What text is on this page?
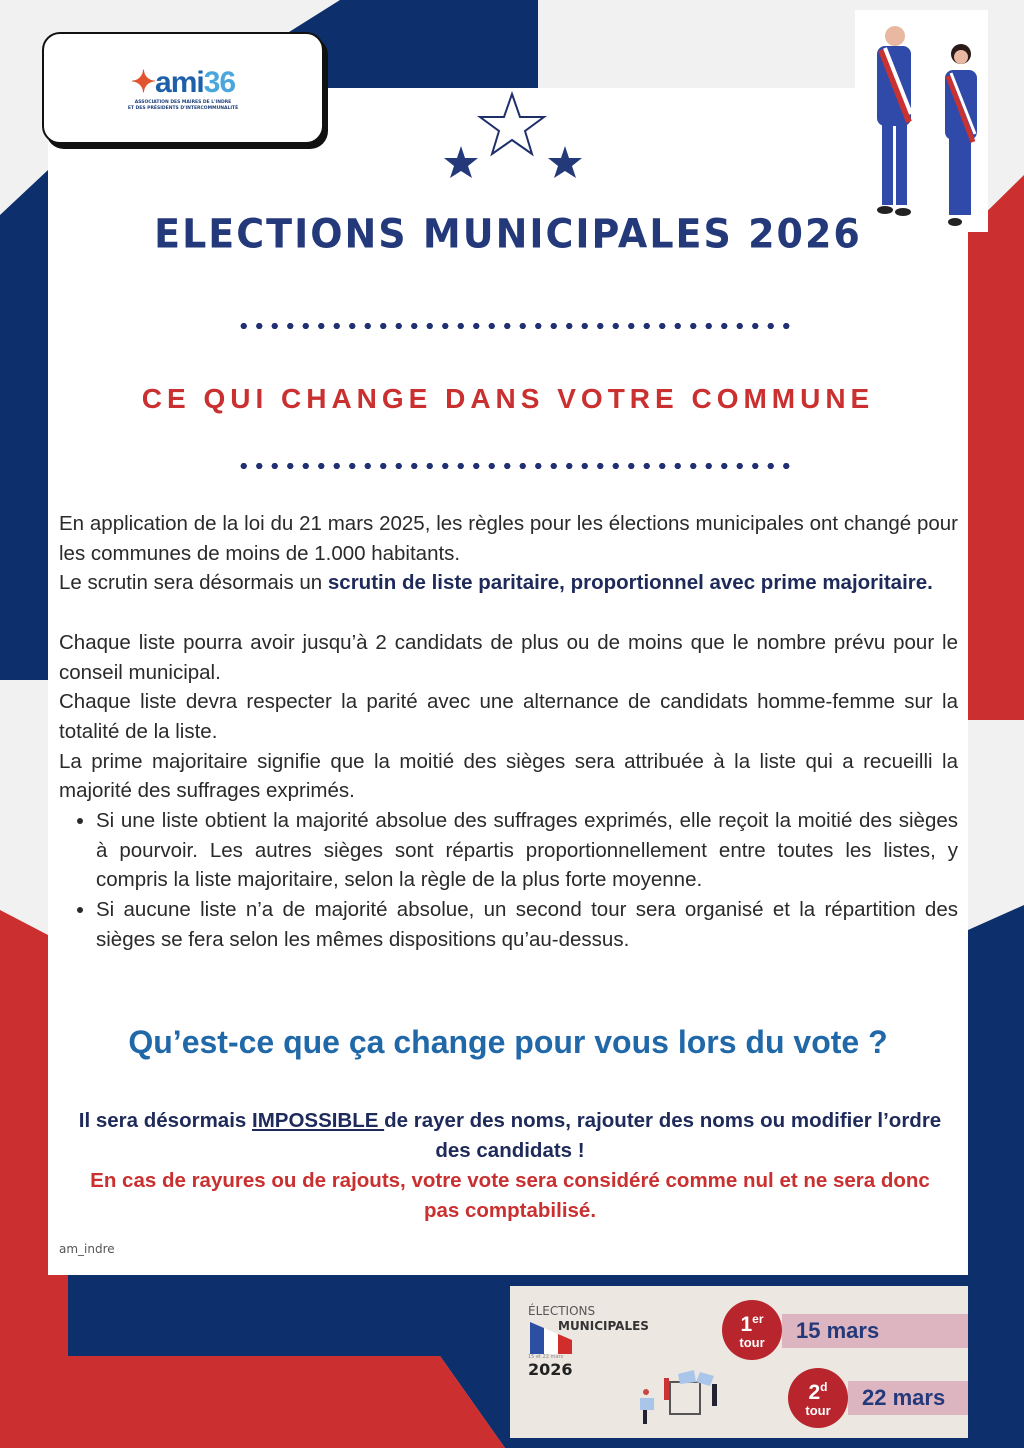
✦ami36
ASSOCIATION DES MAIRES DE L'INDRE
ET DES PRÉSIDENTS D'INTERCOMMUNALITÉ
ELECTIONS MUNICIPALES 2026
CE QUI CHANGE DANS VOTRE COMMUNE

En application de la loi du 21 mars 2025, les règles pour les élections municipales ont changé pour les communes de moins de 1.000 habitants.

Le scrutin sera désormais un scrutin de liste paritaire, proportionnel avec prime majoritaire.

Chaque liste pourra avoir jusqu’à 2 candidats de plus ou de moins que le nombre prévu pour le conseil municipal.

Chaque liste devra respecter la parité avec une alternance de candidats homme-femme sur la totalité de la liste.

La prime majoritaire signifie que la moitié des sièges sera attribuée à la liste qui a recueilli la majorité des suffrages exprimés.

• Si une liste obtient la majorité absolue des suffrages exprimés, elle reçoit la moitié des sièges à pourvoir. Les autres sièges sont répartis proportionnellement entre toutes les listes, y compris la liste majoritaire, selon la règle de la plus forte moyenne.
• Si aucune liste n’a de majorité absolue, un second tour sera organisé et la répartition des sièges se fera selon les mêmes dispositions qu’au-dessus.
Qu’est-ce que ça change pour vous lors du vote ?
Il sera désormais IMPOSSIBLE de rayer des noms, rajouter des noms ou modifier l’ordre des candidats !
En cas de rayures ou de rajouts, votre vote sera considéré comme nul et ne sera donc pas comptabilisé.
am_indre
ÉLECTIONS
MUNICIPALES
15 et 22 mars
2026
15 mars
1er
tour
22 mars
2$^d$
tour
